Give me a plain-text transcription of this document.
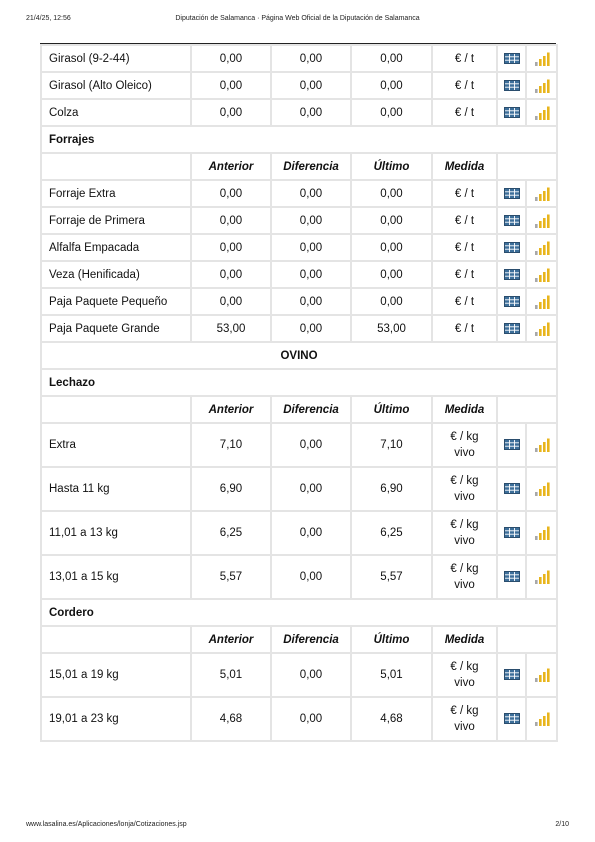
21/4/25, 12:56	Diputación de Salamanca · Página Web Oficial de la Diputación de Salamanca
Girasol (9-2-44)	0,00	0,00	0,00	€ / t		
Girasol (Alto Oleico)	0,00	0,00	0,00	€ / t		
Colza	0,00	0,00	0,00	€ / t		
Forrajes						
	Anterior	Diferencia	Último	Medida		
Forraje Extra	0,00	0,00	0,00	€ / t		
Forraje de Primera	0,00	0,00	0,00	€ / t		
Alfalfa Empacada	0,00	0,00	0,00	€ / t		
Veza (Henificada)	0,00	0,00	0,00	€ / t		
Paja Paquete Pequeño	0,00	0,00	0,00	€ / t		
Paja Paquete Grande	53,00	0,00	53,00	€ / t		
OVINO						
Lechazo						
	Anterior	Diferencia	Último	Medida		
Extra	7,10	0,00	7,10	€ / kg
vivo

Hasta 11 kg	6,90	0,00	6,90	€ / kg
vivo

11,01 a 13 kg	6,25	0,00	6,25	€ / kg
vivo

13,01 a 15 kg	5,57	0,00	5,57	€ / kg
vivo

Cordero						
	Anterior	Diferencia	Último	Medida		
15,01 a 19 kg	5,01	0,00	5,01	€ / kg
vivo

19,01 a 23 kg	4,68	0,00	4,68	€ / kg
vivo

www.lasalina.es/Aplicaciones/lonja/Cotizaciones.jsp	2/10
